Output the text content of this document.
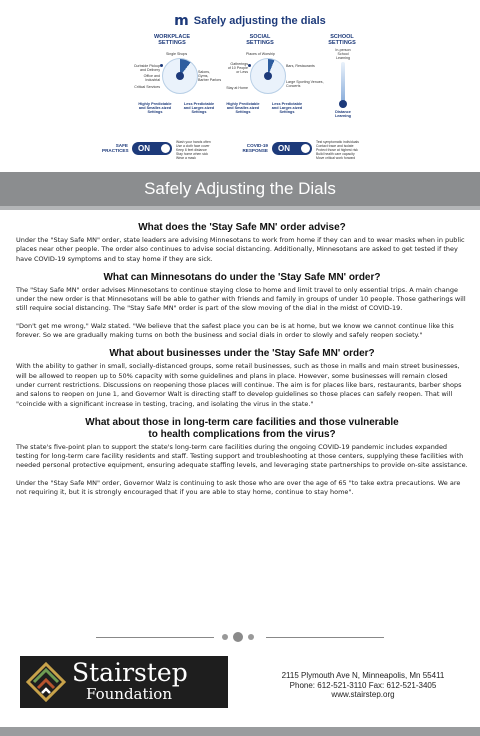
m Safely adjusting the dials
WORKPLACE
SETTINGS
Single Shops
Curbside Pickup
and Delivery
Office and
Industrial
Critical Services
Salons,
Gyms,
Barber Parlors
Highly Predictable and Smaller-sized Settings
Less Predictable and Larger-sized Settings
SOCIAL
SETTINGS
Places of Worship
Gatherings
of 10 People
or Less
Stay at Home
Bars, Restaurants
Large Sporting Venues,
Concerts
Highly Predictable and Smaller-sized Settings
Less Predictable and Larger-sized Settings
SCHOOL
SETTINGS
In-person
School
Learning
Distance
Learning
SAFE
PRACTICES ON
Wash your hands often
Use a cloth face cover
Keep 6 feet distance
Stay home when sick
Wear a mask
COVID-19
RESPONSE ON
Test symptomatic individuals
Contact trace and isolate
Protect those at highest risk
Build health care capacity
Move critical work forward
Safely Adjusting the Dials
What does the 'Stay Safe MN' order advise?

Under the "Stay Safe MN" order, state leaders are advising Minnesotans to work from home if they can and to wear masks when in public places near other people. The order also continues to advise social distancing. Additionally, Minnesotans are asked to get tested if they have COVID-19 symptoms and to stay home if they are sick.

What can Minnesotans do under the 'Stay Safe MN' order?

The "Stay Safe MN" order advises Minnesotans to continue staying close to home and limit travel to only essential trips. A main change under the new order is that Minnesotans will be able to gather with friends and family in groups of under 10 people. Those gatherings will still require social distancing. The "Stay Safe MN" order is part of the slow moving of the dial in the midst of COVID-19.

"Don't get me wrong," Walz stated. "We believe that the safest place you can be is at home, but we know we cannot continue like this forever. So we are gradually making turns on both the business and social dials in order to slowly and safely reopen society."

What about businesses under the 'Stay Safe MN' order?

With the ability to gather in small, socially-distanced groups, some retail businesses, such as those in malls and main street businesses, will be allowed to reopen up to 50% capacity with some guidelines and plans in place. However, some businesses will remain closed under current restrictions. Discussions on reopening those places will continue. The aim is for places like bars, restaurants, barber shops and salons to reopen on June 1, and Governor Walt is directing staff to develop guidelines so those places can safely reopen. That will "coincide with a significant increase in testing, tracing, and isolating the virus in the state."

What about those in long-term care facilities and those vulnerable
to health complications from the virus?

The state's five-point plan to support the state's long-term care facilities during the ongoing COVID-19 pandemic includes expanded testing for long-term care facility residents and staff. Testing support and troubleshooting at those centers, supplying these facilities with needed personal protective equipment, ensuring adequate staffing levels, and leveraging state partnerships to provide on-site assistance.

Under the "Stay Safe MN" order, Governor Walz is continuing to ask those who are over the age of 65 "to take extra precautions. We are not requiring it, but it is strongly encouraged that if you are able to stay home, continue to stay home".

Stairstep
Foundation
2115 Plymouth Ave N, Minneapolis, Mn 55411
Phone: 612-521-3110 Fax: 612-521-3405
www.stairstep.org
